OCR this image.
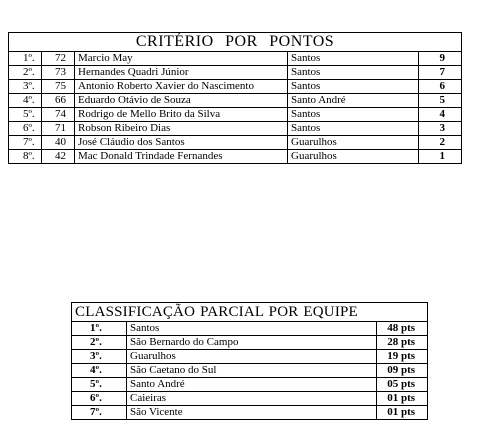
CRITÉRIO POR PONTOS				
1º.	72	Marcio May	Santos	9
2º.	73	Hernandes Quadri Júnior	Santos	7
3º.	75	Antonio Roberto Xavier do Nascimento	Santos	6
4º.	66	Eduardo Otávio de Souza	Santo André	5
5º.	74	Rodrigo de Mello Brito da Silva	Santos	4
6º.	71	Robson Ribeiro Dias	Santos	3
7º.	40	José Cláudio dos Santos	Guarulhos	2
8º.	42	Mac Donald Trindade Fernandes	Guarulhos	1
CLASSIFICAÇÃO PARCIAL POR EQUIPE		
1º.	Santos	48 pts
2º.	São Bernardo do Campo	28 pts
3º.	Guarulhos	19 pts
4º.	São Caetano do Sul	09 pts
5º.	Santo André	05 pts
6º.	Caieiras	01 pts
7º.	São Vicente	01 pts
